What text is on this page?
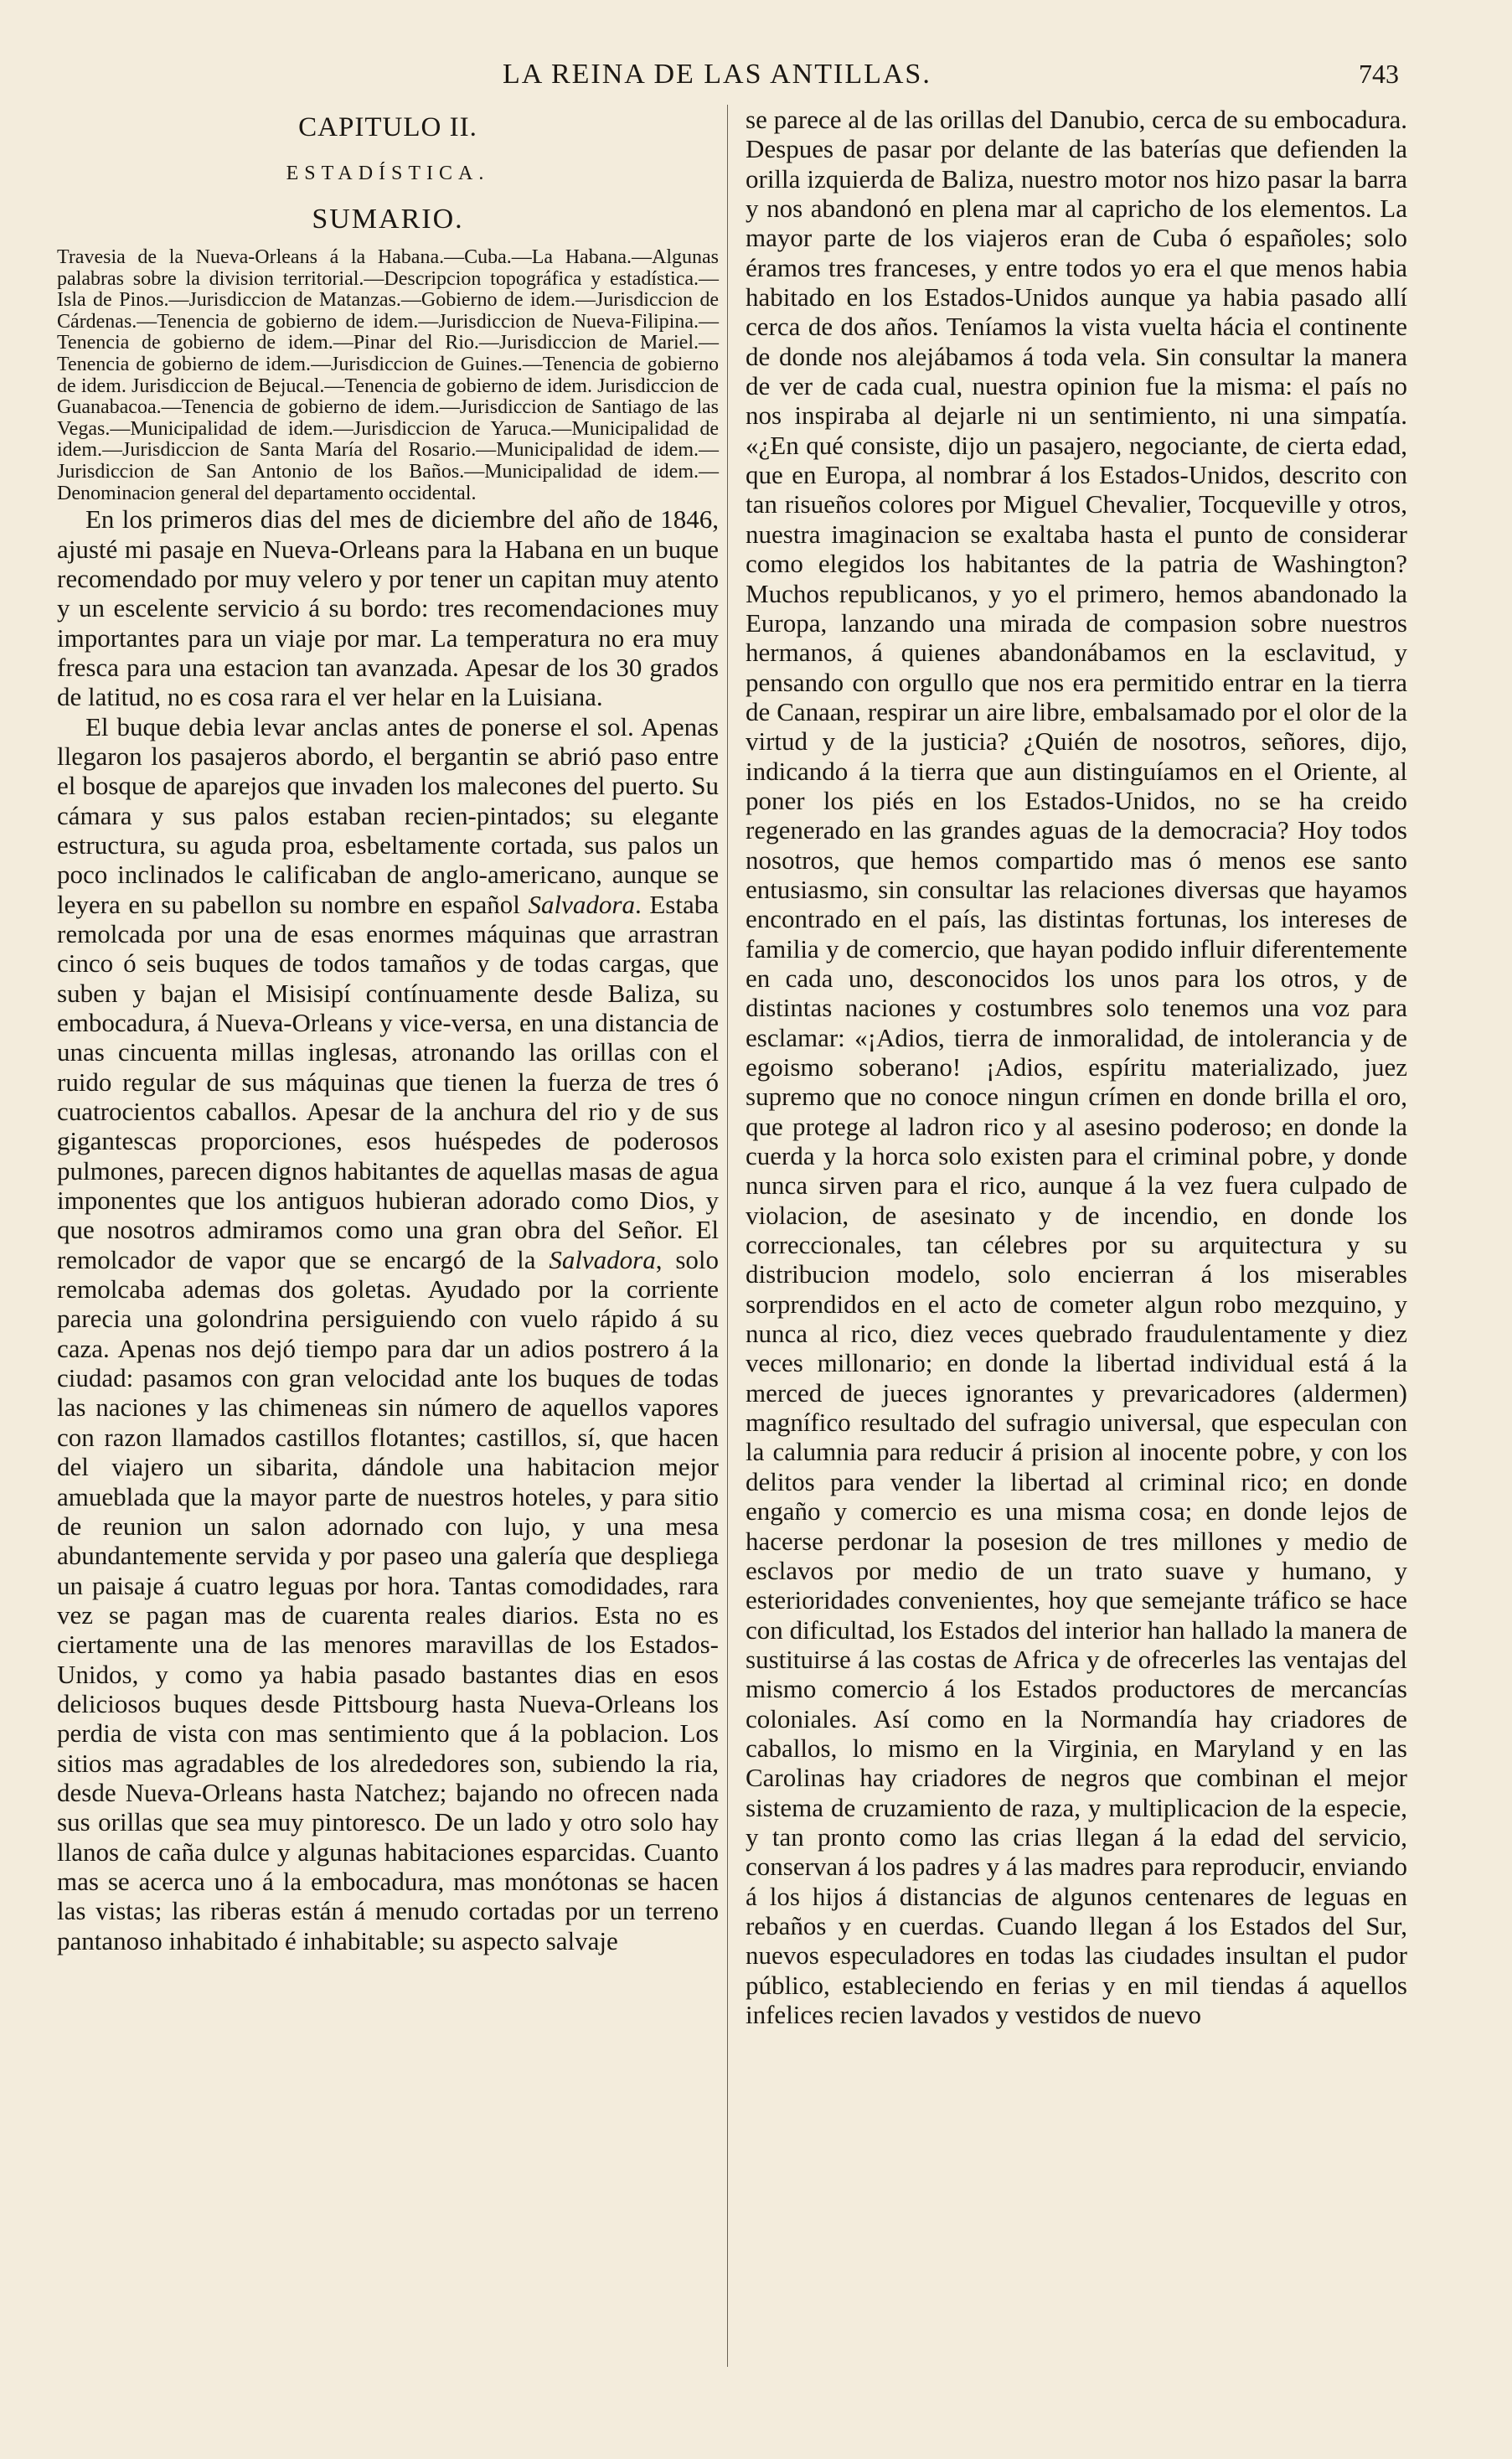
LA REINA DE LAS ANTILLAS.	743
CAPITULO II.
ESTADÍSTICA.
SUMARIO.

Travesia de la Nueva-Orleans á la Habana.—Cuba.—La Habana.—Algunas palabras sobre la division territorial.—Descripcion topográfica y estadística.—Isla de Pinos.—Jurisdiccion de Matanzas.—Gobierno de idem.—Jurisdiccion de Cárdenas.—Tenencia de gobierno de idem.—Jurisdiccion de Nueva-Filipina.—Tenencia de gobierno de idem.—Pinar del Rio.—Jurisdiccion de Mariel.—Tenencia de gobierno de idem.—Jurisdiccion de Guines.—Tenencia de gobierno de idem. Jurisdiccion de Bejucal.—Tenencia de gobierno de idem. Jurisdiccion de Guanabacoa.—Tenencia de gobierno de idem.—Jurisdiccion de Santiago de las Vegas.—Municipalidad de idem.—Jurisdiccion de Yaruca.—Municipalidad de idem.—Jurisdiccion de Santa María del Rosario.—Municipalidad de idem.—Jurisdiccion de San Antonio de los Baños.—Municipalidad de idem.—Denominacion general del departamento occidental.

En los primeros dias del mes de diciembre del año de 1846, ajusté mi pasaje en Nueva-Orleans para la Habana en un buque recomendado por muy velero y por tener un capitan muy atento y un escelente servicio á su bordo: tres recomendaciones muy importantes para un viaje por mar. La temperatura no era muy fresca para una estacion tan avanzada. Apesar de los 30 grados de latitud, no es cosa rara el ver helar en la Luisiana.

El buque debia levar anclas antes de ponerse el sol. Apenas llegaron los pasajeros abordo, el bergantin se abrió paso entre el bosque de aparejos que invaden los malecones del puerto. Su cámara y sus palos estaban recien-pintados; su elegante estructura, su aguda proa, esbeltamente cortada, sus palos un poco inclinados le calificaban de anglo-americano, aunque se leyera en su pabellon su nombre en español Salvadora. Estaba remolcada por una de esas enormes máquinas que arrastran cinco ó seis buques de todos tamaños y de todas cargas, que suben y bajan el Misisipí contínuamente desde Baliza, su embocadura, á Nueva-Orleans y vice-versa, en una distancia de unas cincuenta millas inglesas, atronando las orillas con el ruido regular de sus máquinas que tienen la fuerza de tres ó cuatrocientos caballos. Apesar de la anchura del rio y de sus gigantescas proporciones, esos huéspedes de poderosos pulmones, parecen dignos habitantes de aquellas masas de agua imponentes que los antiguos hubieran adorado como Dios, y que nosotros admiramos como una gran obra del Señor. El remolcador de vapor que se encargó de la Salvadora, solo remolcaba ademas dos goletas. Ayudado por la corriente parecia una golondrina persiguiendo con vuelo rápido á su caza. Apenas nos dejó tiempo para dar un adios postrero á la ciudad: pasamos con gran velocidad ante los buques de todas las naciones y las chimeneas sin número de aquellos vapores con razon llamados castillos flotantes; castillos, sí, que hacen del viajero un sibarita, dándole una habitacion mejor amueblada que la mayor parte de nuestros hoteles, y para sitio de reunion un salon adornado con lujo, y una mesa abundantemente servida y por paseo una galería que despliega un paisaje á cuatro leguas por hora. Tantas comodidades, rara vez se pagan mas de cuarenta reales diarios. Esta no es ciertamente una de las menores maravillas de los Estados-Unidos, y como ya habia pasado bastantes dias en esos deliciosos buques desde Pittsbourg hasta Nueva-Orleans los perdia de vista con mas sentimiento que á la poblacion. Los sitios mas agradables de los alrededores son, subiendo la ria, desde Nueva-Orleans hasta Natchez; bajando no ofrecen nada sus orillas que sea muy pintoresco. De un lado y otro solo hay llanos de caña dulce y algunas habitaciones esparcidas. Cuanto mas se acerca uno á la embocadura, mas monótonas se hacen las vistas; las riberas están á menudo cortadas por un terreno pantanoso inhabitado é inhabitable; su aspecto salvaje

se parece al de las orillas del Danubio, cerca de su embocadura. Despues de pasar por delante de las baterías que defienden la orilla izquierda de Baliza, nuestro motor nos hizo pasar la barra y nos abandonó en plena mar al capricho de los elementos. La mayor parte de los viajeros eran de Cuba ó españoles; solo éramos tres franceses, y entre todos yo era el que menos habia habitado en los Estados-Unidos aunque ya habia pasado allí cerca de dos años. Teníamos la vista vuelta hácia el continente de donde nos alejábamos á toda vela. Sin consultar la manera de ver de cada cual, nuestra opinion fue la misma: el país no nos inspiraba al dejarle ni un sentimiento, ni una simpatía. «¿En qué consiste, dijo un pasajero, negociante, de cierta edad, que en Europa, al nombrar á los Estados-Unidos, descrito con tan risueños colores por Miguel Chevalier, Tocqueville y otros, nuestra imaginacion se exaltaba hasta el punto de considerar como elegidos los habitantes de la patria de Washington? Muchos republicanos, y yo el primero, hemos abandonado la Europa, lanzando una mirada de compasion sobre nuestros hermanos, á quienes abandonábamos en la esclavitud, y pensando con orgullo que nos era permitido entrar en la tierra de Canaan, respirar un aire libre, embalsamado por el olor de la virtud y de la justicia? ¿Quién de nosotros, señores, dijo, indicando á la tierra que aun distinguíamos en el Oriente, al poner los piés en los Estados-Unidos, no se ha creido regenerado en las grandes aguas de la democracia? Hoy todos nosotros, que hemos compartido mas ó menos ese santo entusiasmo, sin consultar las relaciones diversas que hayamos encontrado en el país, las distintas fortunas, los intereses de familia y de comercio, que hayan podido influir diferentemente en cada uno, desconocidos los unos para los otros, y de distintas naciones y costumbres solo tenemos una voz para esclamar: «¡Adios, tierra de inmoralidad, de intolerancia y de egoismo soberano! ¡Adios, espíritu materializado, juez supremo que no conoce ningun crímen en donde brilla el oro, que protege al ladron rico y al asesino poderoso; en donde la cuerda y la horca solo existen para el criminal pobre, y donde nunca sirven para el rico, aunque á la vez fuera culpado de violacion, de asesinato y de incendio, en donde los correccionales, tan célebres por su arquitectura y su distribucion modelo, solo encierran á los miserables sorprendidos en el acto de cometer algun robo mezquino, y nunca al rico, diez veces quebrado fraudulentamente y diez veces millonario; en donde la libertad individual está á la merced de jueces ignorantes y prevaricadores (aldermen) magnífico resultado del sufragio universal, que especulan con la calumnia para reducir á prision al inocente pobre, y con los delitos para vender la libertad al criminal rico; en donde engaño y comercio es una misma cosa; en donde lejos de hacerse perdonar la posesion de tres millones y medio de esclavos por medio de un trato suave y humano, y esterioridades convenientes, hoy que semejante tráfico se hace con dificultad, los Estados del interior han hallado la manera de sustituirse á las costas de Africa y de ofrecerles las ventajas del mismo comercio á los Estados productores de mercancías coloniales. Así como en la Normandía hay criadores de caballos, lo mismo en la Virginia, en Maryland y en las Carolinas hay criadores de negros que combinan el mejor sistema de cruzamiento de raza, y multiplicacion de la especie, y tan pronto como las crias llegan á la edad del servicio, conservan á los padres y á las madres para reproducir, enviando á los hijos á distancias de algunos centenares de leguas en rebaños y en cuerdas. Cuando llegan á los Estados del Sur, nuevos especuladores en todas las ciudades insultan el pudor público, estableciendo en ferias y en mil tiendas á aquellos infelices recien lavados y vestidos de nuevo
